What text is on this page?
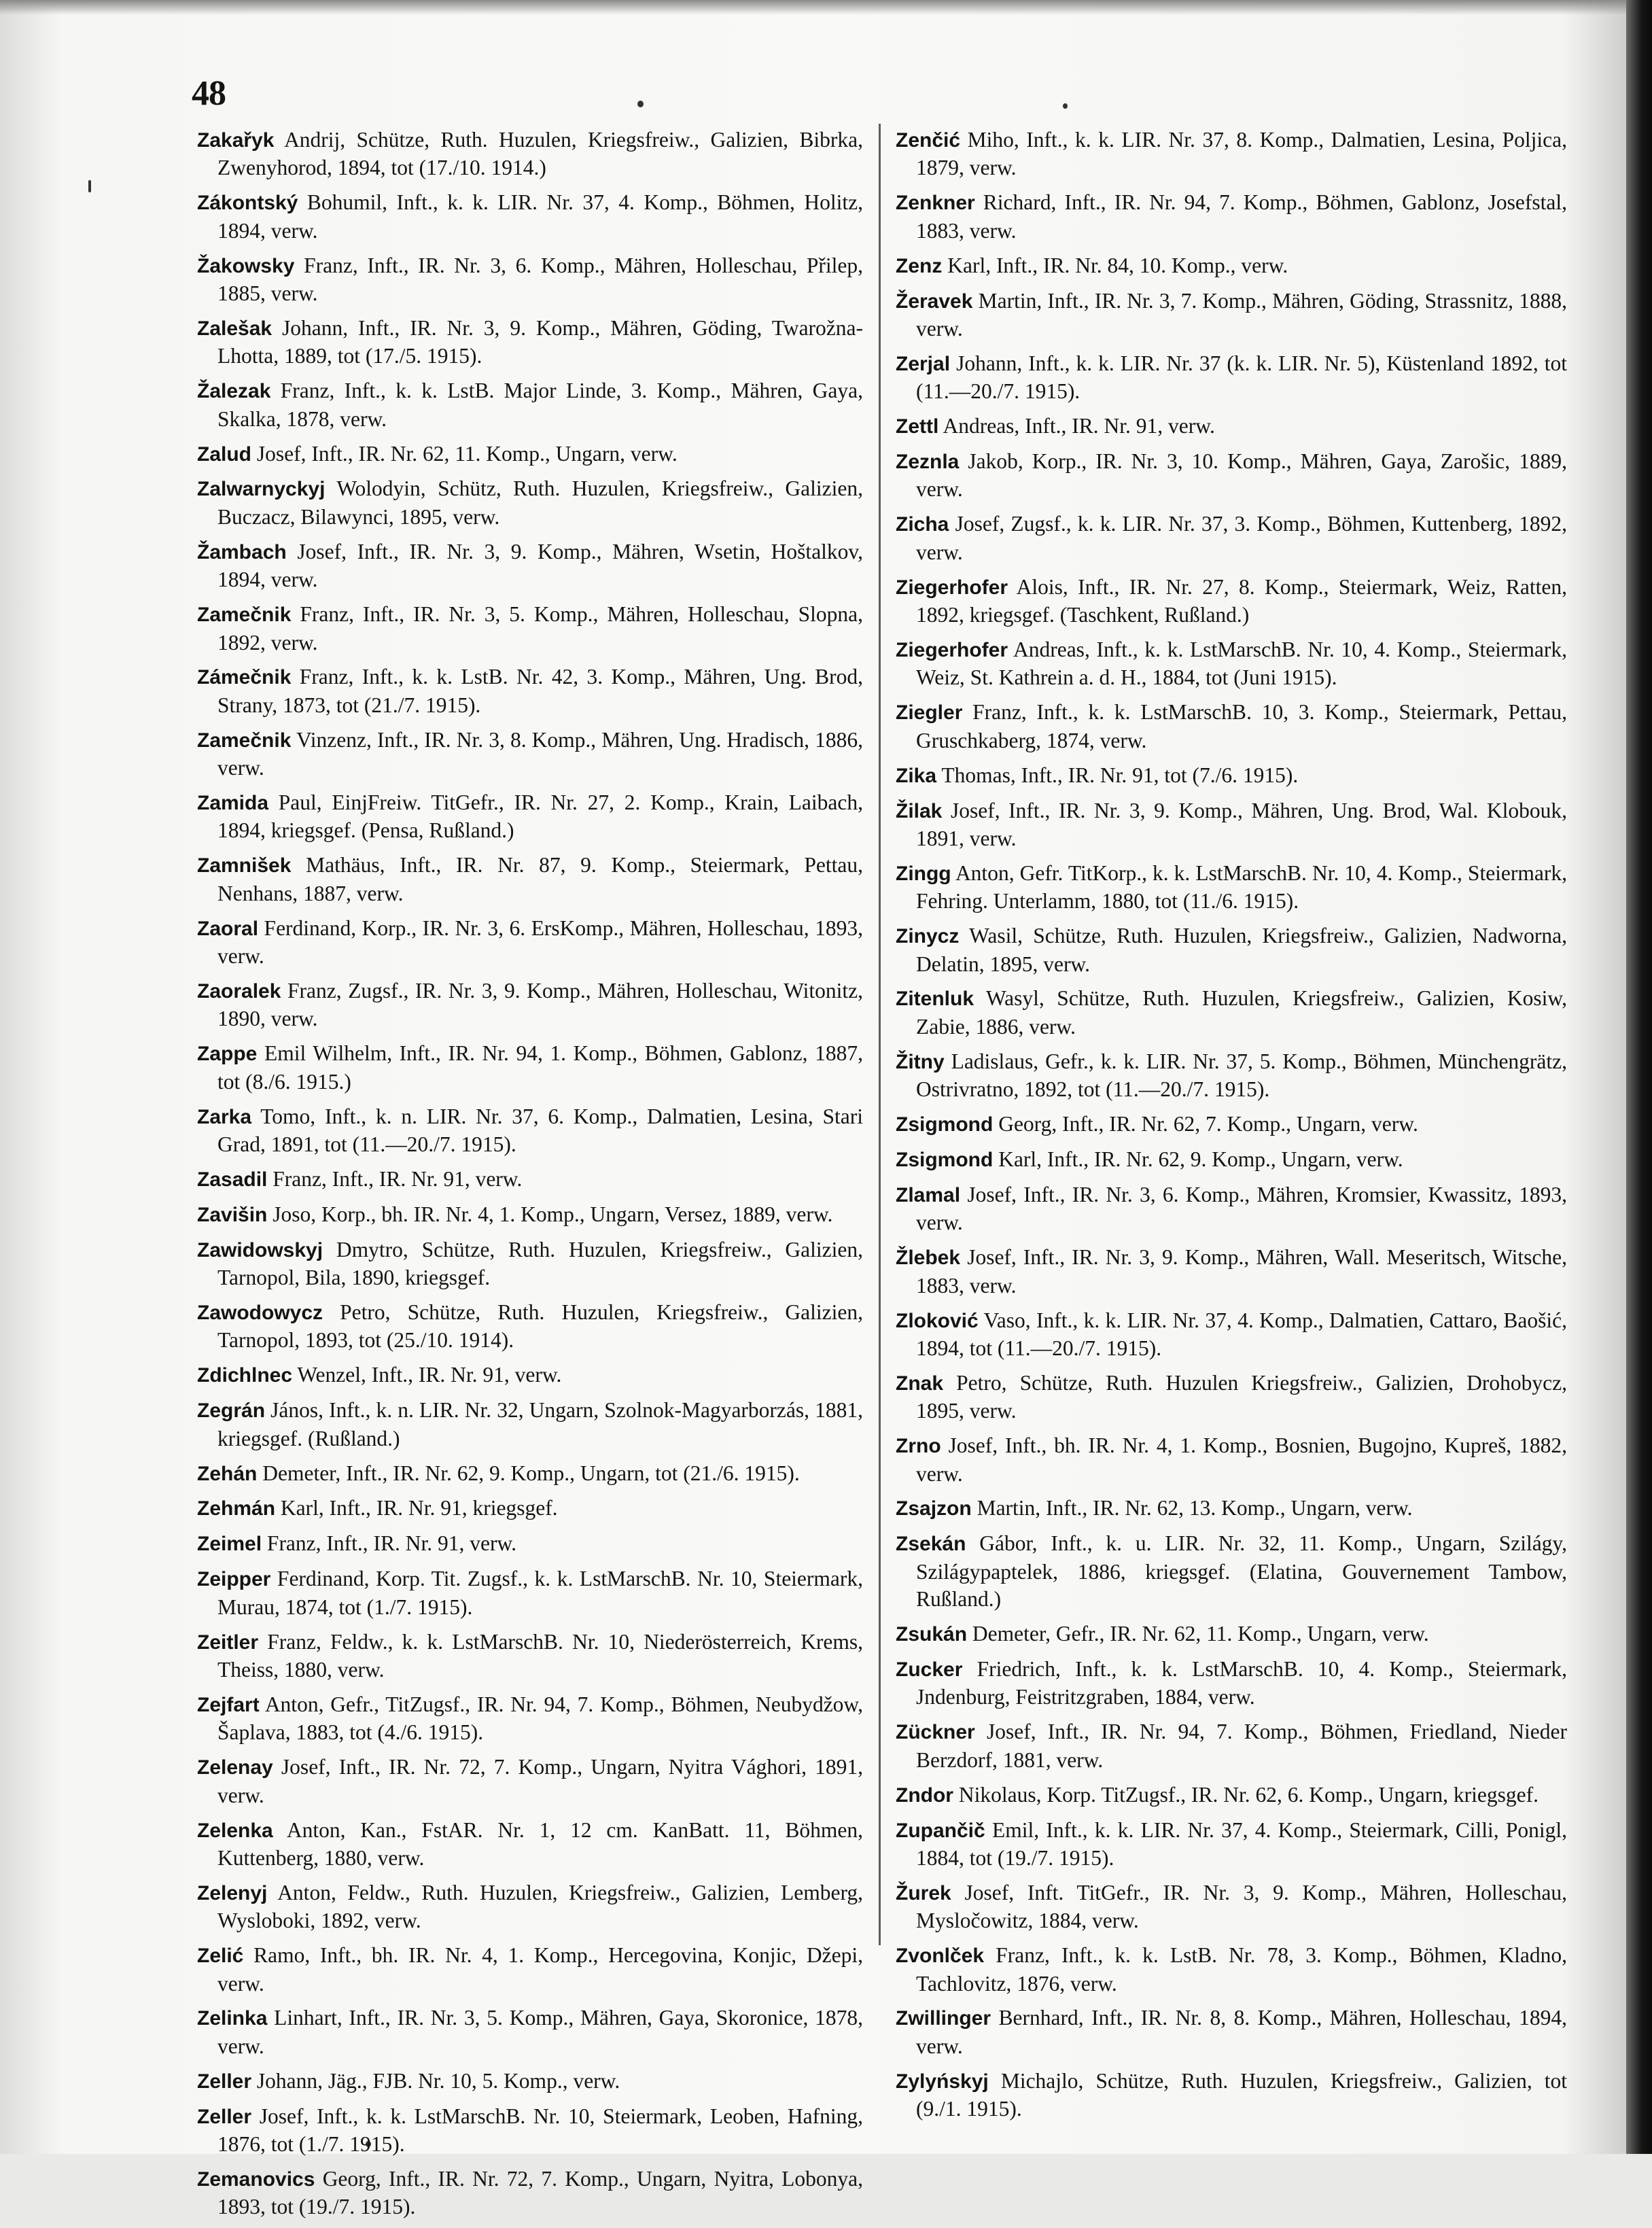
48

Zakařyk Andrij, Schütze, Ruth. Huzulen, Kriegsfreiw., Galizien, Bibrka, Zwenyhorod, 1894, tot (17./10. 1914.)

Zákontský Bohumil, Inft., k. k. LIR. Nr. 37, 4. Komp., Böhmen, Holitz, 1894, verw.

Žakowsky Franz, Inft., IR. Nr. 3, 6. Komp., Mähren, Holleschau, Přilep, 1885, verw.

Zalešak Johann, Inft., IR. Nr. 3, 9. Komp., Mähren, Göding, Twarožna-Lhotta, 1889, tot (17./5. 1915).

Žalezak Franz, Inft., k. k. LstB. Major Linde, 3. Komp., Mähren, Gaya, Skalka, 1878, verw.

Zalud Josef, Inft., IR. Nr. 62, 11. Komp., Ungarn, verw.

Zalwarnyckyj Wolodyin, Schütz, Ruth. Huzulen, Kriegsfreiw., Galizien, Buczacz, Bilawynci, 1895, verw.

Žambach Josef, Inft., IR. Nr. 3, 9. Komp., Mähren, Wsetin, Hoštalkov, 1894, verw.

Zamečnik Franz, Inft., IR. Nr. 3, 5. Komp., Mähren, Holleschau, Slopna, 1892, verw.

Zámečnik Franz, Inft., k. k. LstB. Nr. 42, 3. Komp., Mähren, Ung. Brod, Strany, 1873, tot (21./7. 1915).

Zamečnik Vinzenz, Inft., IR. Nr. 3, 8. Komp., Mähren, Ung. Hradisch, 1886, verw.

Zamida Paul, EinjFreiw. TitGefr., IR. Nr. 27, 2. Komp., Krain, Laibach, 1894, kriegsgef. (Pensa, Rußland.)

Zamnišek Mathäus, Inft., IR. Nr. 87, 9. Komp., Steiermark, Pettau, Nenhans, 1887, verw.

Zaoral Ferdinand, Korp., IR. Nr. 3, 6. ErsKomp., Mähren, Holleschau, 1893, verw.

Zaoralek Franz, Zugsf., IR. Nr. 3, 9. Komp., Mähren, Holleschau, Witonitz, 1890, verw.

Zappe Emil Wilhelm, Inft., IR. Nr. 94, 1. Komp., Böhmen, Gablonz, 1887, tot (8./6. 1915.)

Zarka Tomo, Inft., k. n. LIR. Nr. 37, 6. Komp., Dalmatien, Lesina, Stari Grad, 1891, tot (11.—20./7. 1915).

Zasadil Franz, Inft., IR. Nr. 91, verw.

Zavišin Joso, Korp., bh. IR. Nr. 4, 1. Komp., Ungarn, Versez, 1889, verw.

Zawidowskyj Dmytro, Schütze, Ruth. Huzulen, Kriegsfreiw., Galizien, Tarnopol, Bila, 1890, kriegsgef.

Zawodowycz Petro, Schütze, Ruth. Huzulen, Kriegsfreiw., Galizien, Tarnopol, 1893, tot (25./10. 1914).

Zdichlnec Wenzel, Inft., IR. Nr. 91, verw.

Zegrán János, Inft., k. n. LIR. Nr. 32, Ungarn, Szolnok-Magyarborzás, 1881, kriegsgef. (Rußland.)

Zehán Demeter, Inft., IR. Nr. 62, 9. Komp., Ungarn, tot (21./6. 1915).

Zehmán Karl, Inft., IR. Nr. 91, kriegsgef.

Zeimel Franz, Inft., IR. Nr. 91, verw.

Zeipper Ferdinand, Korp. Tit. Zugsf., k. k. LstMarschB. Nr. 10, Steiermark, Murau, 1874, tot (1./7. 1915).

Zeitler Franz, Feldw., k. k. LstMarschB. Nr. 10, Niederösterreich, Krems, Theiss, 1880, verw.

Zejfart Anton, Gefr., TitZugsf., IR. Nr. 94, 7. Komp., Böhmen, Neubydžow, Šaplava, 1883, tot (4./6. 1915).

Zelenay Josef, Inft., IR. Nr. 72, 7. Komp., Ungarn, Nyitra Vághori, 1891, verw.

Zelenka Anton, Kan., FstAR. Nr. 1, 12 cm. KanBatt. 11, Böhmen, Kuttenberg, 1880, verw.

Zelenyj Anton, Feldw., Ruth. Huzulen, Kriegsfreiw., Galizien, Lemberg, Wysloboki, 1892, verw.

Zelić Ramo, Inft., bh. IR. Nr. 4, 1. Komp., Hercegovina, Konjic, Džepi, verw.

Zelinka Linhart, Inft., IR. Nr. 3, 5. Komp., Mähren, Gaya, Skoronice, 1878, verw.

Zeller Johann, Jäg., FJB. Nr. 10, 5. Komp., verw.

Zeller Josef, Inft., k. k. LstMarschB. Nr. 10, Steiermark, Leoben, Hafning, 1876, tot (1./7. 1915).

Zemanovics Georg, Inft., IR. Nr. 72, 7. Komp., Ungarn, Nyitra, Lobonya, 1893, tot (19./7. 1915).

Zenčić Miho, Inft., k. k. LIR. Nr. 37, 8. Komp., Dalmatien, Lesina, Poljica, 1879, verw.

Zenkner Richard, Inft., IR. Nr. 94, 7. Komp., Böhmen, Gablonz, Josefstal, 1883, verw.

Zenz Karl, Inft., IR. Nr. 84, 10. Komp., verw.

Žeravek Martin, Inft., IR. Nr. 3, 7. Komp., Mähren, Göding, Strassnitz, 1888, verw.

Zerjal Johann, Inft., k. k. LIR. Nr. 37 (k. k. LIR. Nr. 5), Küstenland 1892, tot (11.—20./7. 1915).

Zettl Andreas, Inft., IR. Nr. 91, verw.

Zeznla Jakob, Korp., IR. Nr. 3, 10. Komp., Mähren, Gaya, Zarošic, 1889, verw.

Zicha Josef, Zugsf., k. k. LIR. Nr. 37, 3. Komp., Böhmen, Kuttenberg, 1892, verw.

Ziegerhofer Alois, Inft., IR. Nr. 27, 8. Komp., Steiermark, Weiz, Ratten, 1892, kriegsgef. (Taschkent, Rußland.)

Ziegerhofer Andreas, Inft., k. k. LstMarschB. Nr. 10, 4. Komp., Steiermark, Weiz, St. Kathrein a. d. H., 1884, tot (Juni 1915).

Ziegler Franz, Inft., k. k. LstMarschB. 10, 3. Komp., Steiermark, Pettau, Gruschkaberg, 1874, verw.

Zika Thomas, Inft., IR. Nr. 91, tot (7./6. 1915).

Žilak Josef, Inft., IR. Nr. 3, 9. Komp., Mähren, Ung. Brod, Wal. Klobouk, 1891, verw.

Zingg Anton, Gefr. TitKorp., k. k. LstMarschB. Nr. 10, 4. Komp., Steiermark, Fehring. Unterlamm, 1880, tot (11./6. 1915).

Zinycz Wasil, Schütze, Ruth. Huzulen, Kriegsfreiw., Galizien, Nadworna, Delatin, 1895, verw.

Zitenluk Wasyl, Schütze, Ruth. Huzulen, Kriegsfreiw., Galizien, Kosiw, Zabie, 1886, verw.

Žitny Ladislaus, Gefr., k. k. LIR. Nr. 37, 5. Komp., Böhmen, Münchengrätz, Ostrivratno, 1892, tot (11.—20./7. 1915).

Zsigmond Georg, Inft., IR. Nr. 62, 7. Komp., Ungarn, verw.

Zsigmond Karl, Inft., IR. Nr. 62, 9. Komp., Ungarn, verw.

Zlamal Josef, Inft., IR. Nr. 3, 6. Komp., Mähren, Kromsier, Kwassitz, 1893, verw.

Žlebek Josef, Inft., IR. Nr. 3, 9. Komp., Mähren, Wall. Meseritsch, Witsche, 1883, verw.

Zloković Vaso, Inft., k. k. LIR. Nr. 37, 4. Komp., Dalmatien, Cattaro, Baošić, 1894, tot (11.—20./7. 1915).

Znak Petro, Schütze, Ruth. Huzulen Kriegsfreiw., Galizien, Drohobycz, 1895, verw.

Zrno Josef, Inft., bh. IR. Nr. 4, 1. Komp., Bosnien, Bugojno, Kupreš, 1882, verw.

Zsajzon Martin, Inft., IR. Nr. 62, 13. Komp., Ungarn, verw.

Zsekán Gábor, Inft., k. u. LIR. Nr. 32, 11. Komp., Ungarn, Szilágy, Szilágypaptelek, 1886, kriegsgef. (Elatina, Gouvernement Tambow, Rußland.)

Zsukán Demeter, Gefr., IR. Nr. 62, 11. Komp., Ungarn, verw.

Zucker Friedrich, Inft., k. k. LstMarschB. 10, 4. Komp., Steiermark, Jndenburg, Feistritzgraben, 1884, verw.

Zückner Josef, Inft., IR. Nr. 94, 7. Komp., Böhmen, Friedland, Nieder Berzdorf, 1881, verw.

Zndor Nikolaus, Korp. TitZugsf., IR. Nr. 62, 6. Komp., Ungarn, kriegsgef.

Zupančič Emil, Inft., k. k. LIR. Nr. 37, 4. Komp., Steiermark, Cilli, Ponigl, 1884, tot (19./7. 1915).

Žurek Josef, Inft. TitGefr., IR. Nr. 3, 9. Komp., Mähren, Holleschau, Mysločowitz, 1884, verw.

Zvonlček Franz, Inft., k. k. LstB. Nr. 78, 3. Komp., Böhmen, Kladno, Tachlovitz, 1876, verw.

Zwillinger Bernhard, Inft., IR. Nr. 8, 8. Komp., Mähren, Holleschau, 1894, verw.

Zylyńskyj Michajlo, Schütze, Ruth. Huzulen, Kriegsfreiw., Galizien, tot (9./1. 1915).
